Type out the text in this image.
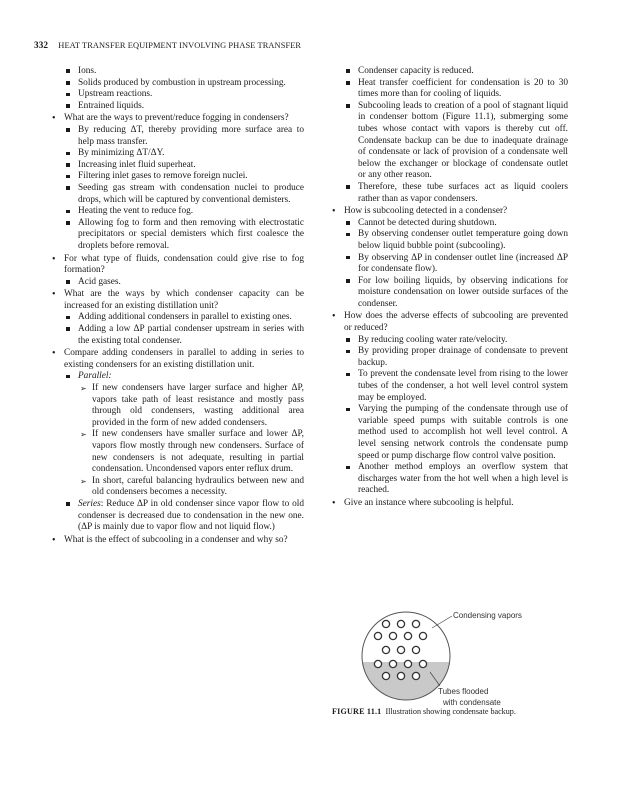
332 HEAT TRANSFER EQUIPMENT INVOLVING PHASE TRANSFER
Ions.
Solids produced by combustion in upstream processing.
Upstream reactions.
Entrained liquids.
• What are the ways to prevent/reduce fogging in condensers?
By reducing ΔT, thereby providing more surface area to help mass transfer.
By minimizing ΔT/ΔY.
Increasing inlet fluid superheat.
Filtering inlet gases to remove foreign nuclei.
Seeding gas stream with condensation nuclei to produce drops, which will be captured by conventional demisters.
Heating the vent to reduce fog.
Allowing fog to form and then removing with electrostatic precipitators or special demisters which first coalesce the droplets before removal.
• For what type of fluids, condensation could give rise to fog formation?
Acid gases.
• What are the ways by which condenser capacity can be increased for an existing distillation unit?
Adding additional condensers in parallel to existing ones.
Adding a low ΔP partial condenser upstream in series with the existing total condenser.
• Compare adding condensers in parallel to adding in series to existing condensers for an existing distillation unit.
Parallel:
➢ If new condensers have larger surface and higher ΔP, vapors take path of least resistance and mostly pass through old condensers, wasting additional area provided in the form of new added condensers.
➢ If new condensers have smaller surface and lower ΔP, vapors flow mostly through new condensers. Surface of new condensers is not adequate, resulting in partial condensation. Uncondensed vapors enter reflux drum.
➢ In short, careful balancing hydraulics between new and old condensers becomes a necessity.
Series: Reduce ΔP in old condenser since vapor flow to old condenser is decreased due to condensation in the new one. (ΔP is mainly due to vapor flow and not liquid flow.)
• What is the effect of subcooling in a condenser and why so?
Condenser capacity is reduced.
Heat transfer coefficient for condensation is 20 to 30 times more than for cooling of liquids.
Subcooling leads to creation of a pool of stagnant liquid in condenser bottom (Figure 11.1), submerging some tubes whose contact with vapors is thereby cut off. Condensate backup can be due to inadequate drainage of condensate or lack of provision of a condensate well below the exchanger or blockage of condensate outlet or any other reason.
Therefore, these tube surfaces act as liquid coolers rather than as vapor condensers.
• How is subcooling detected in a condenser?
Cannot be detected during shutdown.
By observing condenser outlet temperature going down below liquid bubble point (subcooling).
By observing ΔP in condenser outlet line (increased ΔP for condensate flow).
For low boiling liquids, by observing indications for moisture condensation on lower outside surfaces of the condenser.
• How does the adverse effects of subcooling are prevented or reduced?
By reducing cooling water rate/velocity.
By providing proper drainage of condensate to prevent backup.
To prevent the condensate level from rising to the lower tubes of the condenser, a hot well level control system may be employed.
Varying the pumping of the condensate through use of variable speed pumps with suitable controls is one method used to accomplish hot well level control. A level sensing network controls the condensate pump speed or pump discharge flow control valve position.
Another method employs an overflow system that discharges water from the hot well when a high level is reached.
• Give an instance where subcooling is helpful.
Condensing vapors
Tubes flooded
with condensate
FIGURE 11.1 Illustration showing condensate backup.
